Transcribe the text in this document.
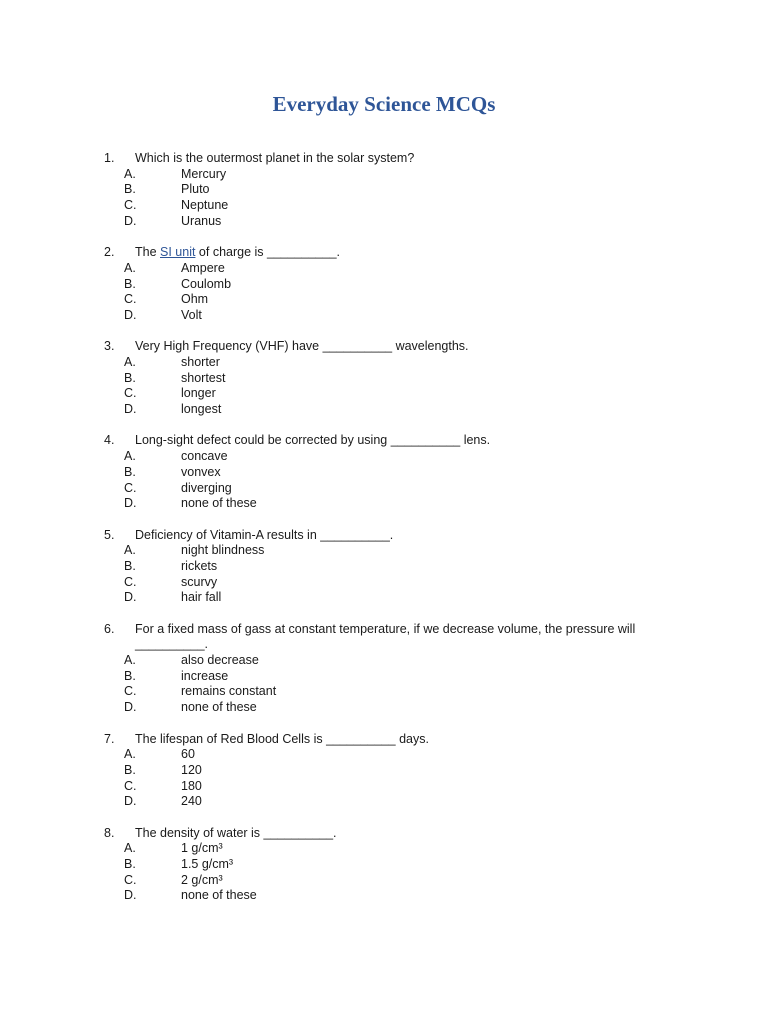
Everyday Science MCQs
1. Which is the outermost planet in the solar system?
A.	Mercury
B.	Pluto
C.	Neptune
D.	Uranus
2. The SI unit of charge is __________.
A.	Ampere
B.	Coulomb
C.	Ohm
D.	Volt
3. Very High Frequency (VHF) have __________ wavelengths.
A.	shorter
B.	shortest
C.	longer
D.	longest
4. Long-sight defect could be corrected by using __________ lens.
A.	concave
B.	vonvex
C.	diverging
D.	none of these
5. Deficiency of Vitamin-A results in __________.
A.	night blindness
B.	rickets
C.	scurvy
D.	hair fall
6. For a fixed mass of gass at constant temperature, if we decrease volume, the pressure will
__________.
A.	also decrease
B.	increase
C.	remains constant
D.	none of these
7. The lifespan of Red Blood Cells is __________ days.
A.	60
B.	120
C.	180
D.	240
8. The density of water is __________.
A.	1 g/cm³
B.	1.5 g/cm³
C.	2 g/cm³
D.	none of these
